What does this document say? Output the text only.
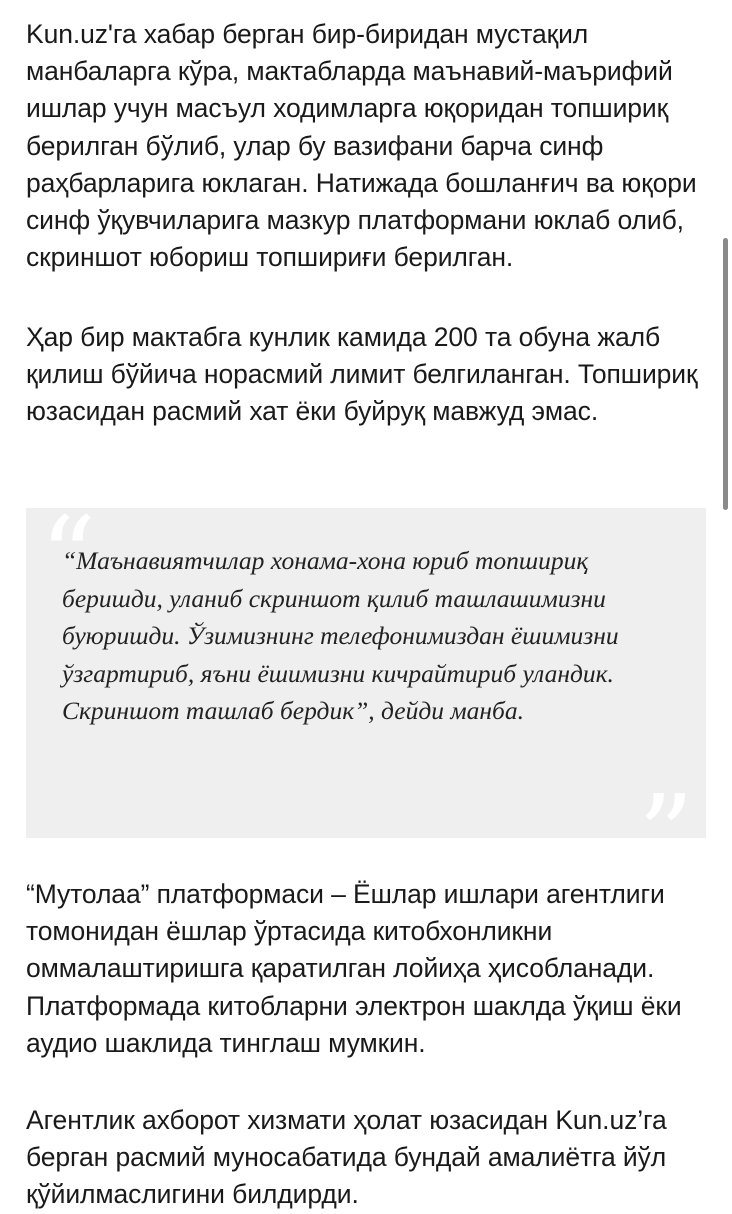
Kun.uz'га хабар берган бир-биридан мустақил манбаларга кўра, мактабларда маънавий-маърифий ишлар учун масъул ходимларга юқоридан топшириқ берилган бўлиб, улар бу вазифани барча синф раҳбарларига юклаган. Натижада бошланғич ва юқори синф ўқувчиларига мазкур платформани юклаб олиб, скриншот юбориш топшириғи берилган.

Ҳар бир мактабга кунлик камида 200 та обуна жалб қилиш бўйича норасмий лимит белгиланган. Топшириқ юзасидан расмий хат ёки буйруқ мавжуд эмас.

“

“Маънавиятчилар хонама-хона юриб топшириқ беришди, уланиб скриншот қилиб ташлашимизни буюришди. Ўзимизнинг телефонимиздан ёшимизни ўзгартириб, яъни ёшимизни кичрайтириб уландик. Скриншот ташлаб бердик”, дейди манба.

”

“Мутолаа” платформаси – Ёшлар ишлари агентлиги томонидан ёшлар ўртасида китобхонликни оммалаштиришга қаратилган лойиҳа ҳисобланади. Платформада китобларни электрон шаклда ўқиш ёки аудио шаклида тинглаш мумкин.

Агентлик ахборот хизмати ҳолат юзасидан Kun.uz’га берган расмий муносабатида бундай амалиётга йўл қўйилмаслигини билдирди.
